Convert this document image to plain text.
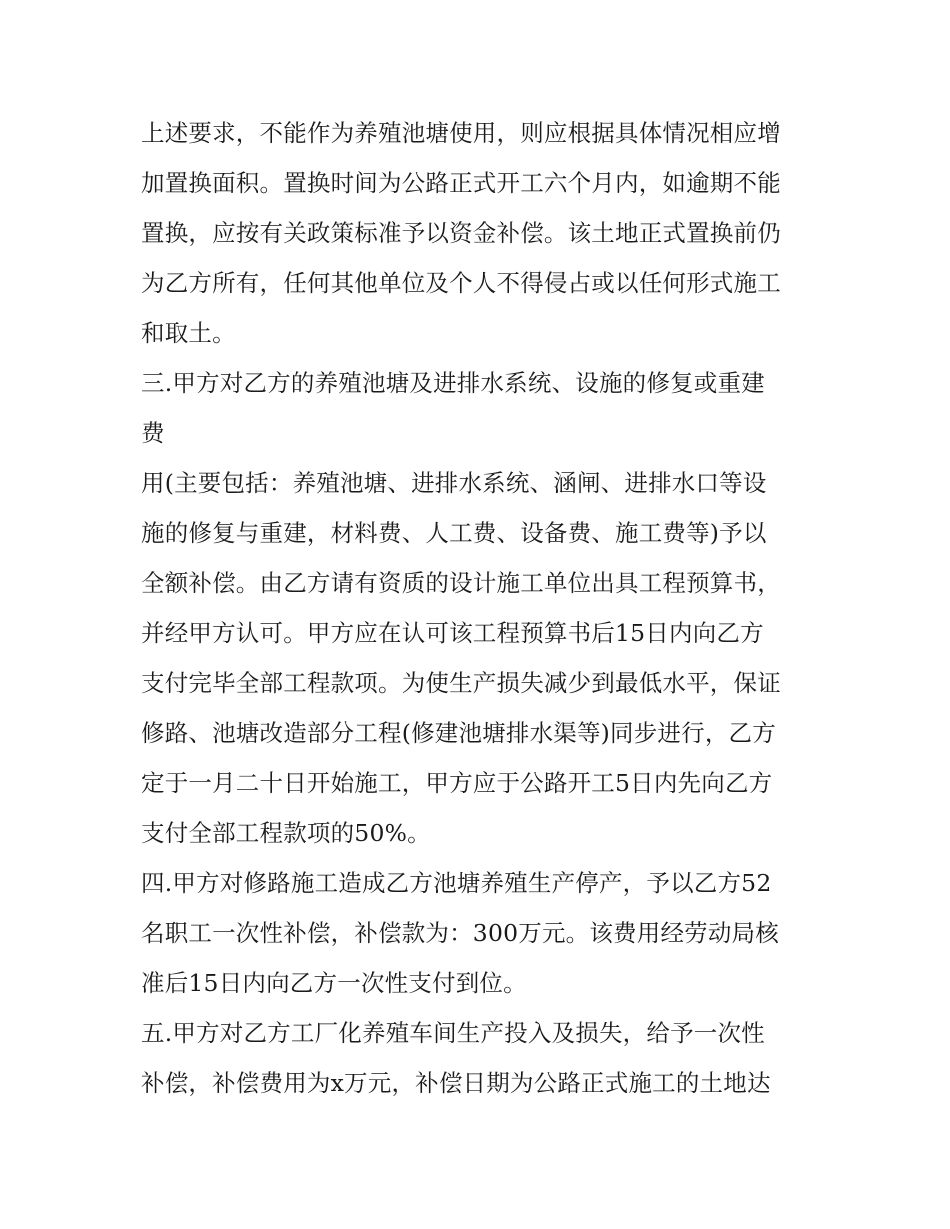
上述要求，不能作为养殖池塘使用，则应根据具体情况相应增
加置换面积。置换时间为公路正式开工六个月内，如逾期不能
置换，应按有关政策标准予以资金补偿。该土地正式置换前仍
为乙方所有，任何其他单位及个人不得侵占或以任何形式施工
和取土。
三.甲方对乙方的养殖池塘及进排水系统、设施的修复或重建
费
用(主要包括：养殖池塘、进排水系统、涵闸、进排水口等设
施的修复与重建，材料费、人工费、设备费、施工费等)予以
全额补偿。由乙方请有资质的设计施工单位出具工程预算书，
并经甲方认可。甲方应在认可该工程预算书后15日内向乙方
支付完毕全部工程款项。为使生产损失减少到最低水平，保证
修路、池塘改造部分工程(修建池塘排水渠等)同步进行，乙方
定于一月二十日开始施工，甲方应于公路开工5日内先向乙方
支付全部工程款项的50%。
四.甲方对修路施工造成乙方池塘养殖生产停产，予以乙方52
名职工一次性补偿，补偿款为：300万元。该费用经劳动局核
准后15日内向乙方一次性支付到位。
五.甲方对乙方工厂化养殖车间生产投入及损失，给予一次性
补偿，补偿费用为x万元，补偿日期为公路正式施工的土地达
